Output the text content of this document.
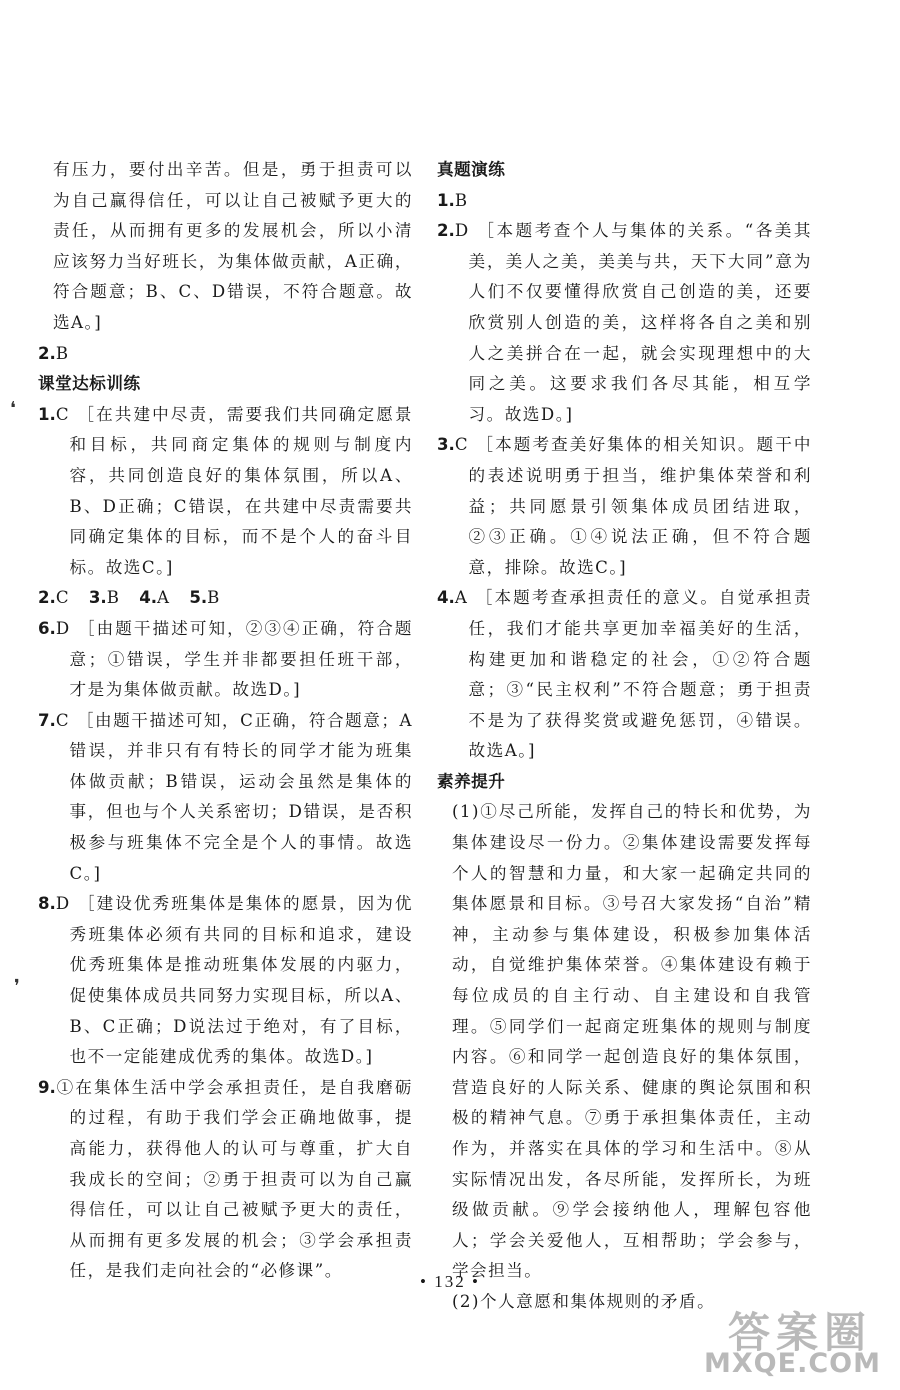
有压力，要付出辛苦。但是，勇于担责可以为自己赢得信任，可以让自己被赋予更大的责任，从而拥有更多的发展机会，所以小清应该努力当好班长，为集体做贡献，A正确，符合题意；B、C、D错误，不符合题意。故选A。]

2.B

课堂达标训练

1.C ［在共建中尽责，需要我们共同确定愿景和目标，共同商定集体的规则与制度内容，共同创造良好的集体氛围，所以A、B、D正确；C错误，在共建中尽责需要共同确定集体的目标，而不是个人的奋斗目标。故选C。]

2.C 3.B 4.A 5.B

6.D ［由题干描述可知，②③④正确，符合题意；①错误，学生并非都要担任班干部，才是为集体做贡献。故选D。]

7.C ［由题干描述可知，C正确，符合题意；A错误，并非只有有特长的同学才能为班集体做贡献；B错误，运动会虽然是集体的事，但也与个人关系密切；D错误，是否积极参与班集体不完全是个人的事情。故选C。]

8.D ［建设优秀班集体是集体的愿景，因为优秀班集体必须有共同的目标和追求，建设优秀班集体是推动班集体发展的内驱力，促使集体成员共同努力实现目标，所以A、B、C正确；D说法过于绝对，有了目标，也不一定能建成优秀的集体。故选D。]

9.①在集体生活中学会承担责任，是自我磨砺的过程，有助于我们学会正确地做事，提高能力，获得他人的认可与尊重，扩大自我成长的空间；②勇于担责可以为自己赢得信任，可以让自己被赋予更大的责任，从而拥有更多发展的机会；③学会承担责任，是我们走向社会的“必修课”。

真题演练

1.B

2.D ［本题考查个人与集体的关系。“各美其美，美人之美，美美与共，天下大同”意为人们不仅要懂得欣赏自己创造的美，还要欣赏别人创造的美，这样将各自之美和别人之美拼合在一起，就会实现理想中的大同之美。这要求我们各尽其能，相互学习。故选D。]

3.C ［本题考查美好集体的相关知识。题干中的表述说明勇于担当，维护集体荣誉和利益；共同愿景引领集体成员团结进取，②③正确。①④说法正确，但不符合题意，排除。故选C。]

4.A ［本题考查承担责任的意义。自觉承担责任，我们才能共享更加幸福美好的生活，构建更加和谐稳定的社会，①②符合题意；③“民主权利”不符合题意；勇于担责不是为了获得奖赏或避免惩罚，④错误。故选A。]

素养提升

(1)①尽己所能，发挥自己的特长和优势，为集体建设尽一份力。②集体建设需要发挥每个人的智慧和力量，和大家一起确定共同的集体愿景和目标。③号召大家发扬“自治”精神，主动参与集体建设，积极参加集体活动，自觉维护集体荣誉。④集体建设有赖于每位成员的自主行动、自主建设和自我管理。⑤同学们一起商定班集体的规则与制度内容。⑥和同学一起创造良好的集体氛围，营造良好的人际关系、健康的舆论氛围和积极的精神气息。⑦勇于承担集体责任，主动作为，并落实在具体的学习和生活中。⑧从实际情况出发，各尽所能，发挥所长，为班级做贡献。⑨学会接纳他人，理解包容他人；学会关爱他人，互相帮助；学会参与，学会担当。

(2)个人意愿和集体规则的矛盾。

• 132 •
❛
❜
答案圈
MXQE.COM
